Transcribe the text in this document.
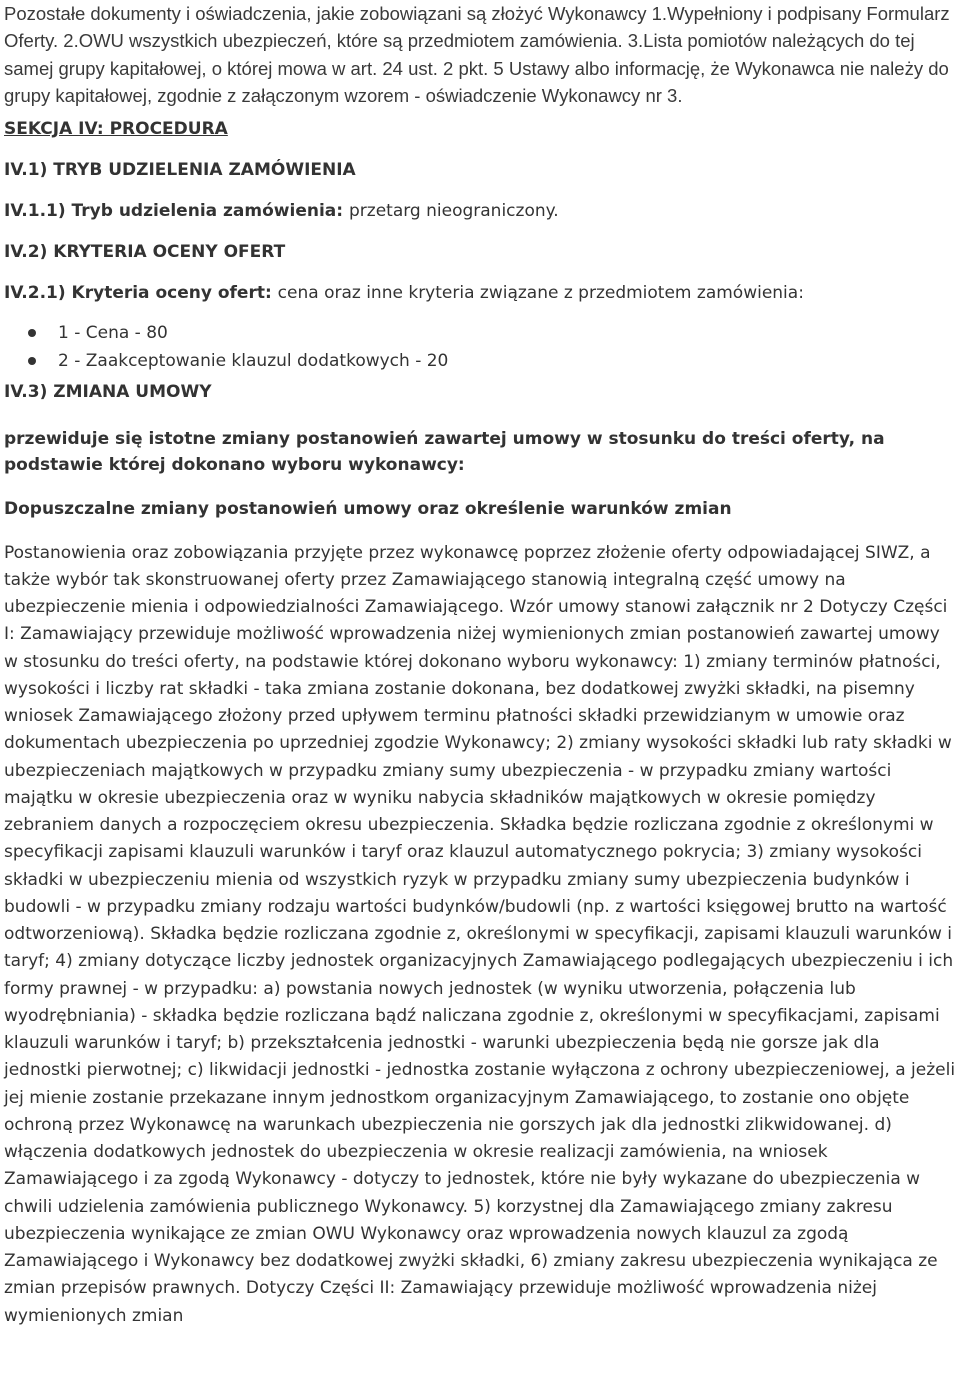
Pozostałe dokumenty i oświadczenia, jakie zobowiązani są złożyć Wykonawcy 1.Wypełniony i podpisany Formularz Oferty. 2.OWU wszystkich ubezpieczeń, które są przedmiotem zamówienia. 3.Lista pomiotów należących do tej samej grupy kapitałowej, o której mowa w art. 24 ust. 2 pkt. 5 Ustawy albo informację, że Wykonawca nie należy do grupy kapitałowej, zgodnie z załączonym wzorem - oświadczenie Wykonawcy nr 3.

SEKCJA IV: PROCEDURA

IV.1) TRYB UDZIELENIA ZAMÓWIENIA

IV.1.1) Tryb udzielenia zamówienia: przetarg nieograniczony.

IV.2) KRYTERIA OCENY OFERT

IV.2.1) Kryteria oceny ofert: cena oraz inne kryteria związane z przedmiotem zamówienia:

1 - Cena - 80
2 - Zaakceptowanie klauzul dodatkowych - 20

IV.3) ZMIANA UMOWY

przewiduje się istotne zmiany postanowień zawartej umowy w stosunku do treści oferty, na podstawie której dokonano wyboru wykonawcy:

Dopuszczalne zmiany postanowień umowy oraz określenie warunków zmian

Postanowienia oraz zobowiązania przyjęte przez wykonawcę poprzez złożenie oferty odpowiadającej SIWZ, a także wybór tak skonstruowanej oferty przez Zamawiającego stanowią integralną część umowy na ubezpieczenie mienia i odpowiedzialności Zamawiającego. Wzór umowy stanowi załącznik nr 2 Dotyczy Części I: Zamawiający przewiduje możliwość wprowadzenia niżej wymienionych zmian postanowień zawartej umowy w stosunku do treści oferty, na podstawie której dokonano wyboru wykonawcy: 1) zmiany terminów płatności, wysokości i liczby rat składki - taka zmiana zostanie dokonana, bez dodatkowej zwyżki składki, na pisemny wniosek Zamawiającego złożony przed upływem terminu płatności składki przewidzianym w umowie oraz dokumentach ubezpieczenia po uprzedniej zgodzie Wykonawcy; 2) zmiany wysokości składki lub raty składki w ubezpieczeniach majątkowych w przypadku zmiany sumy ubezpieczenia - w przypadku zmiany wartości majątku w okresie ubezpieczenia oraz w wyniku nabycia składników majątkowych w okresie pomiędzy zebraniem danych a rozpoczęciem okresu ubezpieczenia. Składka będzie rozliczana zgodnie z określonymi w specyfikacji zapisami klauzuli warunków i taryf oraz klauzul automatycznego pokrycia; 3) zmiany wysokości składki w ubezpieczeniu mienia od wszystkich ryzyk w przypadku zmiany sumy ubezpieczenia budynków i budowli - w przypadku zmiany rodzaju wartości budynków/budowli (np. z wartości księgowej brutto na wartość odtworzeniową). Składka będzie rozliczana zgodnie z, określonymi w specyfikacji, zapisami klauzuli warunków i taryf; 4) zmiany dotyczące liczby jednostek organizacyjnych Zamawiającego podlegających ubezpieczeniu i ich formy prawnej - w przypadku: a) powstania nowych jednostek (w wyniku utworzenia, połączenia lub wyodrębniania) - składka będzie rozliczana bądź naliczana zgodnie z, określonymi w specyfikacjami, zapisami klauzuli warunków i taryf; b) przekształcenia jednostki - warunki ubezpieczenia będą nie gorsze jak dla jednostki pierwotnej; c) likwidacji jednostki - jednostka zostanie wyłączona z ochrony ubezpieczeniowej, a jeżeli jej mienie zostanie przekazane innym jednostkom organizacyjnym Zamawiającego, to zostanie ono objęte ochroną przez Wykonawcę na warunkach ubezpieczenia nie gorszych jak dla jednostki zlikwidowanej. d) włączenia dodatkowych jednostek do ubezpieczenia w okresie realizacji zamówienia, na wniosek Zamawiającego i za zgodą Wykonawcy - dotyczy to jednostek, które nie były wykazane do ubezpieczenia w chwili udzielenia zamówienia publicznego Wykonawcy. 5) korzystnej dla Zamawiającego zmiany zakresu ubezpieczenia wynikające ze zmian OWU Wykonawcy oraz wprowadzenia nowych klauzul za zgodą Zamawiającego i Wykonawcy bez dodatkowej zwyżki składki, 6) zmiany zakresu ubezpieczenia wynikająca ze zmian przepisów prawnych. Dotyczy Części II: Zamawiający przewiduje możliwość wprowadzenia niżej wymienionych zmian
